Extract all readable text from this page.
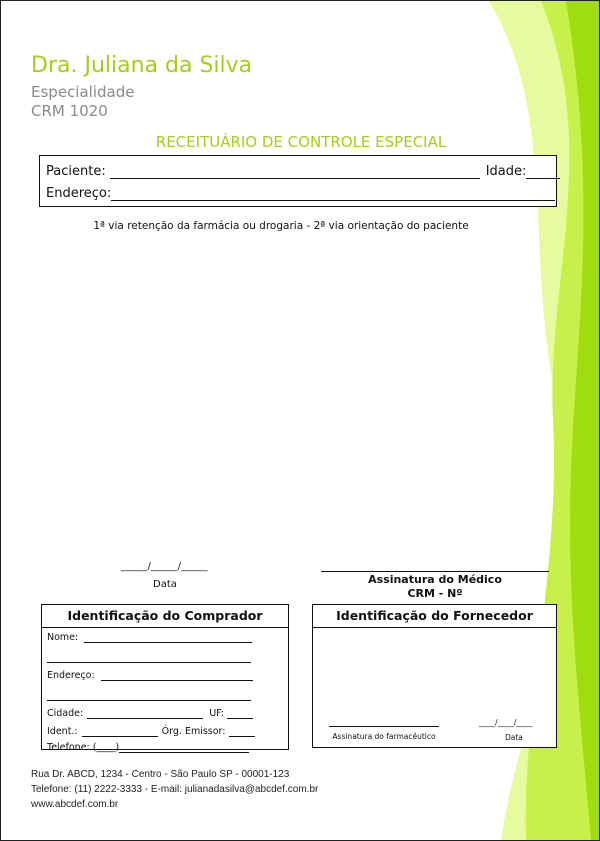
Dra. Juliana da Silva
Especialidade
CRM 1020
RECEITUÁRIO DE CONTROLE ESPECIAL
Paciente:	Idade:
Endereço:
1ª via retenção da farmácia ou drogaria - 2ª via orientação do paciente
_____/_____/_____
Data	Assinatura do Médico
CRM - Nº
Identificação do Comprador
Nome:
Endereço:
Cidade:	UF:
Ident.:	Órg. Emissor:
Telefone: (____)
Identificação do Fornecedor
Assinatura do farmacêutico
____/____/____
Data
Rua Dr. ABCD, 1234 - Centro - São Paulo SP - 00001-123
Telefone: (11) 2222-3333 - E-mail: julianadasilva@abcdef.com.br
www.abcdef.com.br
